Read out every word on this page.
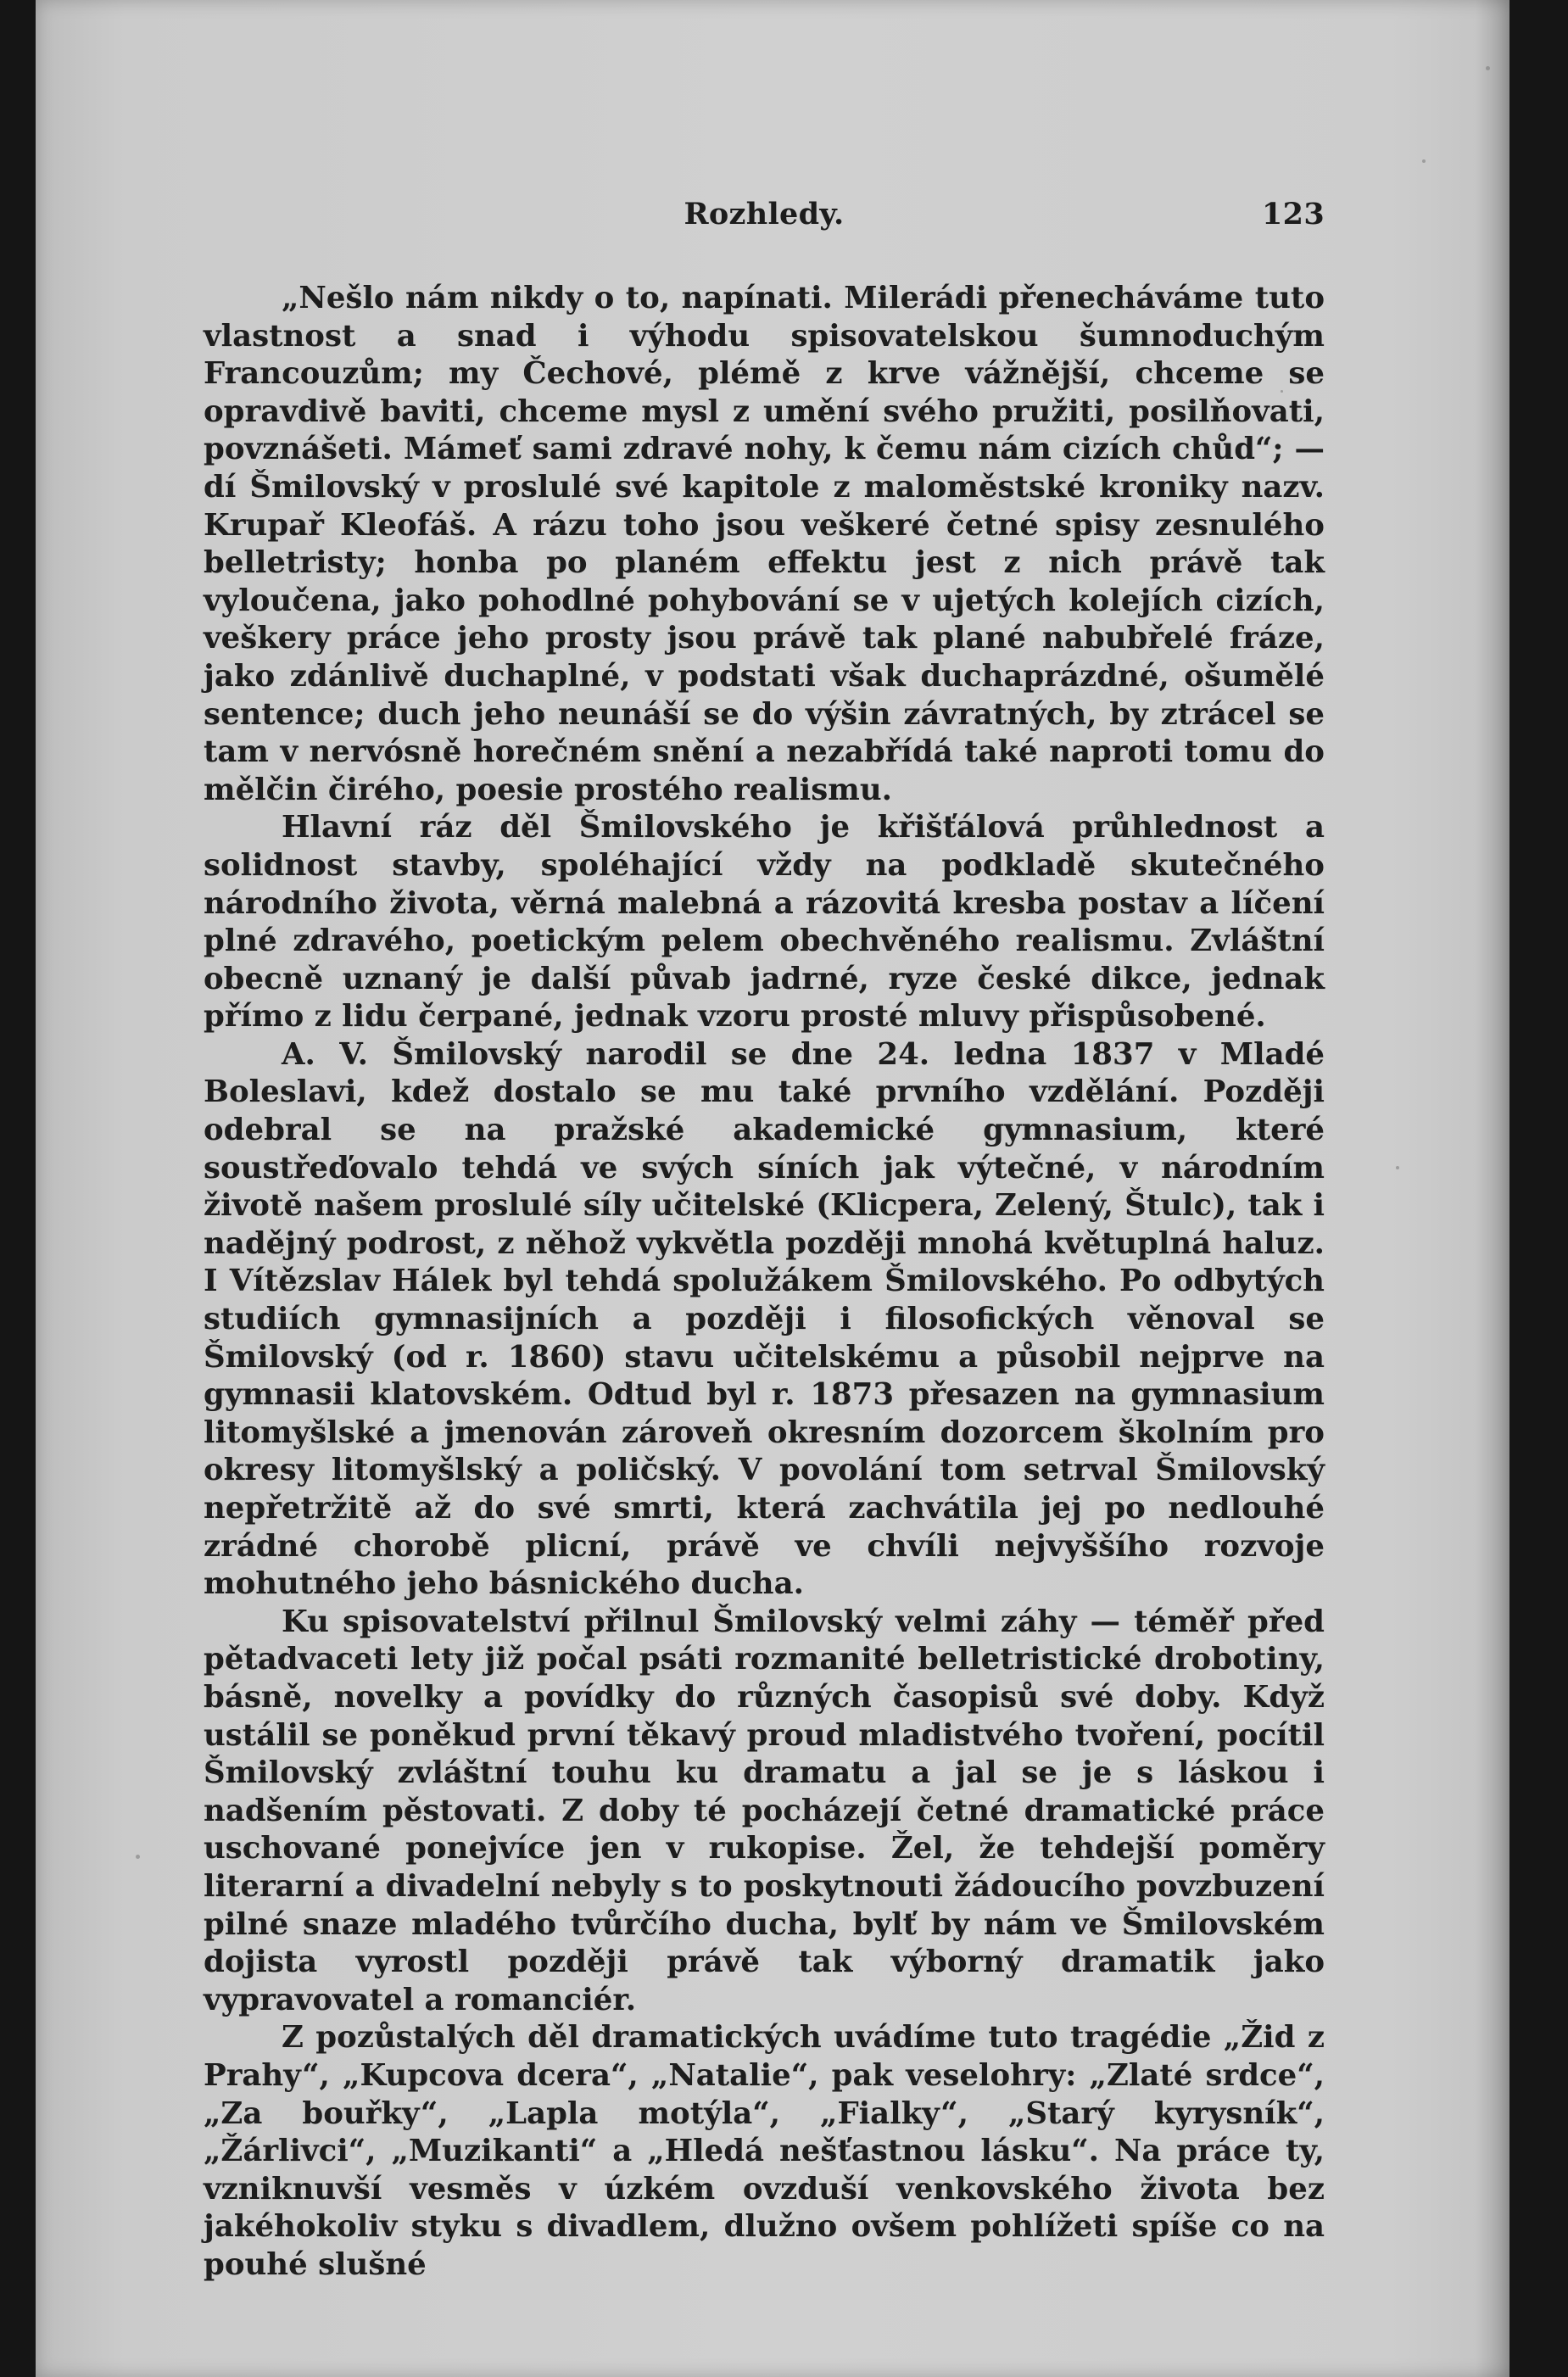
Rozhledy.	123

„Nešlo nám nikdy o to, napínati. Milerádi přenecháváme tuto vlastnost a snad i výhodu spisovatelskou šumnoduchým Francouzům; my Čechové, plémě z krve vážnější, chceme se opravdivě baviti, chceme mysl z umění svého pružiti, posilňovati, povznášeti. Mámeť sami zdravé nohy, k čemu nám cizích chůd“; — dí Šmilovský v proslulé své kapitole z maloměstské kroniky nazv. Krupař Kleofáš. A rázu toho jsou veškeré četné spisy zesnulého belletristy; honba po planém effektu jest z nich právě tak vyloučena, jako pohodlné pohybování se v ujetých kolejích cizích, veškery práce jeho prosty jsou právě tak plané nabubřelé fráze, jako zdánlivě duchaplné, v podstati však duchaprázdné, ošumělé sentence; duch jeho neunáší se do výšin závratných, by ztrácel se tam v nervósně horečném snění a nezabřídá také naproti tomu do mělčin čirého, poesie prostého realismu.

Hlavní ráz děl Šmilovského je křišťálová průhlednost a solidnost stavby, spoléhající vždy na podkladě skutečného národního života, věrná malebná a rázovitá kresba postav a líčení plné zdravého, poetickým pelem obechvěného realismu. Zvláštní obecně uznaný je další půvab jadrné, ryze české dikce, jednak přímo z lidu čerpané, jednak vzoru prosté mluvy přispůsobené.

A. V. Šmilovský narodil se dne 24. ledna 1837 v Mladé Boleslavi, kdež dostalo se mu také prvního vzdělání. Později odebral se na pražské akademické gymnasium, které soustřeďovalo tehdá ve svých síních jak výtečné, v národním životě našem proslulé síly učitelské (Klicpera, Zelený, Štulc), tak i nadějný podrost, z něhož vykvětla později mnohá květuplná haluz. I Vítězslav Hálek byl tehdá spolužákem Šmilovského. Po odbytých studiích gymnasijních a později i filosofických věnoval se Šmilovský (od r. 1860) stavu učitelskému a působil nejprve na gymnasii klatovském. Odtud byl r. 1873 přesazen na gymnasium litomyšlské a jmenován zároveň okresním dozorcem školním pro okresy litomyšlský a poličský. V povolání tom setrval Šmilovský nepřetržitě až do své smrti, která zachvátila jej po nedlouhé zrádné chorobě plicní, právě ve chvíli nejvyššího rozvoje mohutného jeho básnického ducha.

Ku spisovatelství přilnul Šmilovský velmi záhy — téměř před pětadvaceti lety již počal psáti rozmanité belletristické drobotiny, básně, novelky a povídky do různých časopisů své doby. Když ustálil se poněkud první těkavý proud mladistvého tvoření, pocítil Šmilovský zvláštní touhu ku dramatu a jal se je s láskou i nadšením pěstovati. Z doby té pocházejí četné dramatické práce uschované ponejvíce jen v rukopise. Žel, že tehdejší poměry literarní a divadelní nebyly s to poskytnouti žádoucího povzbuzení pilné snaze mladého tvůrčího ducha, bylť by nám ve Šmilovském dojista vyrostl později právě tak výborný dramatik jako vypravovatel a romanciér.

Z pozůstalých děl dramatických uvádíme tuto tragédie „Žid z Prahy“, „Kupcova dcera“, „Natalie“, pak veselohry: „Zlaté srdce“, „Za bouřky“, „Lapla motýla“, „Fialky“, „Starý kyrysník“, „Žárlivci“, „Muzikanti“ a „Hledá nešťastnou lásku“. Na práce ty, vzniknuvší vesměs v úzkém ovzduší venkovského života bez jakéhokoliv styku s divadlem, dlužno ovšem pohlížeti spíše co na pouhé slušné
